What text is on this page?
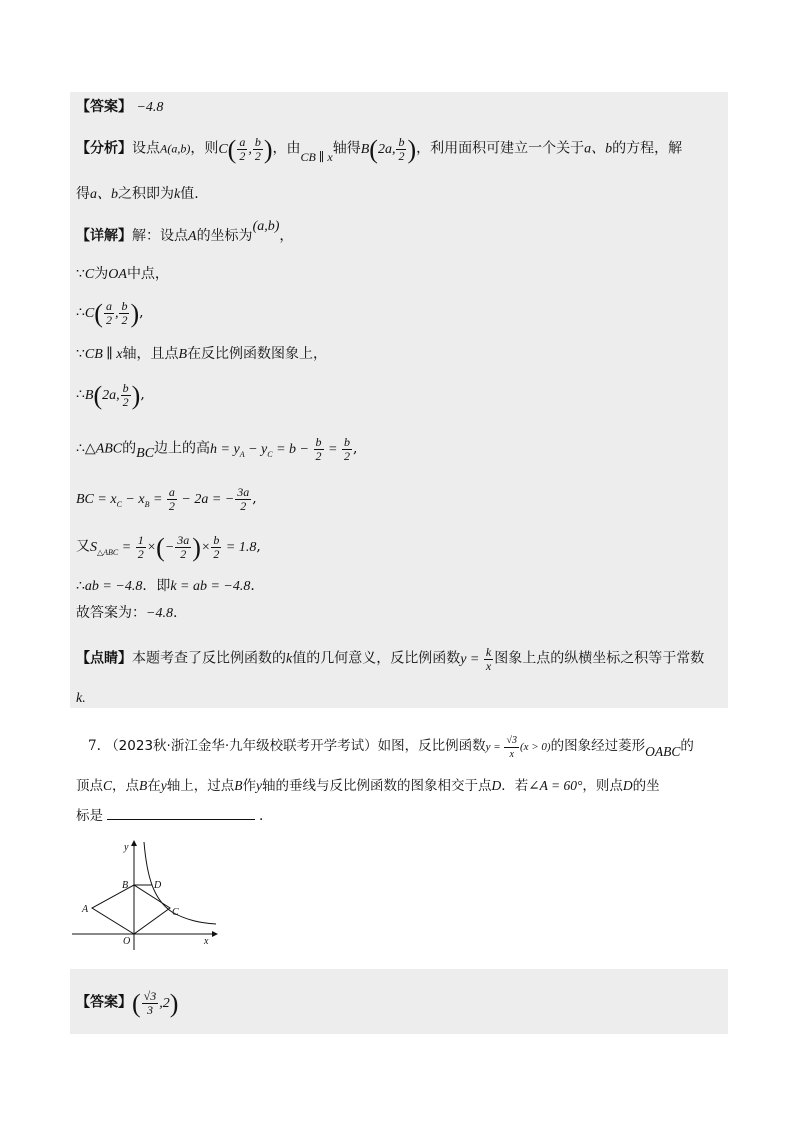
【答案】 −4.8
【分析】设点A(a,b)，则$C( \frac{a}{2}$ , $\frac{b}{2}$ )，由CB ∥ x轴得B(2a, $\frac{b}{2}$ )，利用面积可建立一个关于a、b的方程，解
得a、b之积即为k值.
【详解】解：设点A的坐标为(a,b)，
∵C为OA中点，
∴C( $\frac{a}{2}$ , $\frac{b}{2}$ ),
∵CB ∥ x轴，且点B在反比例函数图象上，
∴B(2a, $\frac{b}{2}$ ),
∴△ABC的BC边上的高$h = y_A - y_C = b - \frac{b}{2} = \frac{b}{2}$ ,
BC = $x_C - x_B = \frac{a}{2} - 2a$ = − $\frac{3a}{2}$ ,
又$S_{\triangle ABC} = \frac{1}{2}$ ×(− $\frac{3a}{2}$ )× $\frac{b}{2} = 1.8$,
∴ab = −4.8．即k = ab = −4.8．
故答案为：−4.8.
【点睛】本题考查了反比例函数的k值的几何意义，反比例函数$y = \frac{k}{x}$ 图象上点的纵横坐标之积等于常数
k.
7. （2023秋·浙江金华·九年级校联考开学考试）如图，反比例函数$y = \frac{√3}{x} (x > 0)$的图象经过菱形OABC的
顶点C，点B在y轴上，过点B作y轴的垂线与反比例函数的图象相交于点D．若∠A = 60°，则点D的坐
标是	.
y
x
O
A
B
C
D
【答案】( $\frac{√3}{3} ,2$)
